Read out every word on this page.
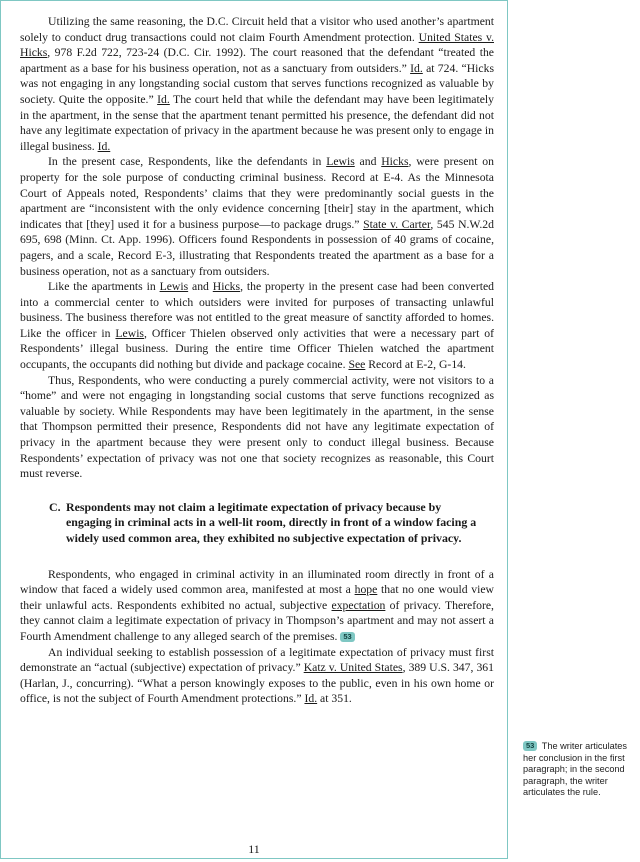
Utilizing the same reasoning, the D.C. Circuit held that a visitor who used another’s apartment solely to conduct drug transactions could not claim Fourth Amendment protection. United States v. Hicks, 978 F.2d 722, 723-24 (D.C. Cir. 1992). The court reasoned that the defendant “treated the apartment as a base for his business operation, not as a sanctuary from outsiders.” Id. at 724. “Hicks was not engaging in any longstanding social custom that serves functions recognized as valuable by society. Quite the opposite.” Id. The court held that while the defendant may have been legitimately in the apartment, in the sense that the apartment tenant permitted his presence, the defendant did not have any legitimate expectation of privacy in the apartment because he was present only to engage in illegal business. Id.

In the present case, Respondents, like the defendants in Lewis and Hicks, were present on property for the sole purpose of conducting criminal business. Record at E-4. As the Minnesota Court of Appeals noted, Respondents’ claims that they were predominantly social guests in the apartment are “inconsistent with the only evidence concerning [their] stay in the apartment, which indicates that [they] used it for a business purpose—to package drugs.” State v. Carter, 545 N.W.2d 695, 698 (Minn. Ct. App. 1996). Officers found Respondents in possession of 40 grams of cocaine, pagers, and a scale, Record E-3, illustrating that Respondents treated the apartment as a base for a business operation, not as a sanctuary from outsiders.

Like the apartments in Lewis and Hicks, the property in the present case had been converted into a commercial center to which outsiders were invited for purposes of transacting unlawful business. The business therefore was not entitled to the great measure of sanctity afforded to homes. Like the officer in Lewis, Officer Thielen observed only activities that were a necessary part of Respondents’ illegal business. During the entire time Officer Thielen watched the apartment occupants, the occupants did nothing but divide and package cocaine. See Record at E-2, G-14.

Thus, Respondents, who were conducting a purely commercial activity, were not visitors to a “home” and were not engaging in longstanding social customs that serve functions recognized as valuable by society. While Respondents may have been legitimately in the apartment, in the sense that Thompson permitted their presence, Respondents did not have any legitimate expectation of privacy in the apartment because they were present only to conduct illegal business. Because Respondents’ expectation of privacy was not one that society recognizes as reasonable, this Court must reverse.

C. Respondents may not claim a legitimate expectation of privacy because by engaging in criminal acts in a well-lit room, directly in front of a window facing a widely used common area, they exhibited no subjective expectation of privacy.

Respondents, who engaged in criminal activity in an illuminated room directly in front of a window that faced a widely used common area, manifested at most a hope that no one would view their unlawful acts. Respondents exhibited no actual, subjective expectation of privacy. Therefore, they cannot claim a legitimate expectation of privacy in Thompson’s apartment and may not assert a Fourth Amendment challenge to any alleged search of the premises. 53

An individual seeking to establish possession of a legitimate expectation of privacy must first demonstrate an “actual (subjective) expectation of privacy.” Katz v. United States, 389 U.S. 347, 361 (Harlan, J., concurring). “What a person knowingly exposes to the public, even in his own home or office, is not the subject of Fourth Amendment protections.” Id. at 351.

11
53 The writer articulates her conclusion in the first paragraph; in the second paragraph, the writer articulates the rule.
